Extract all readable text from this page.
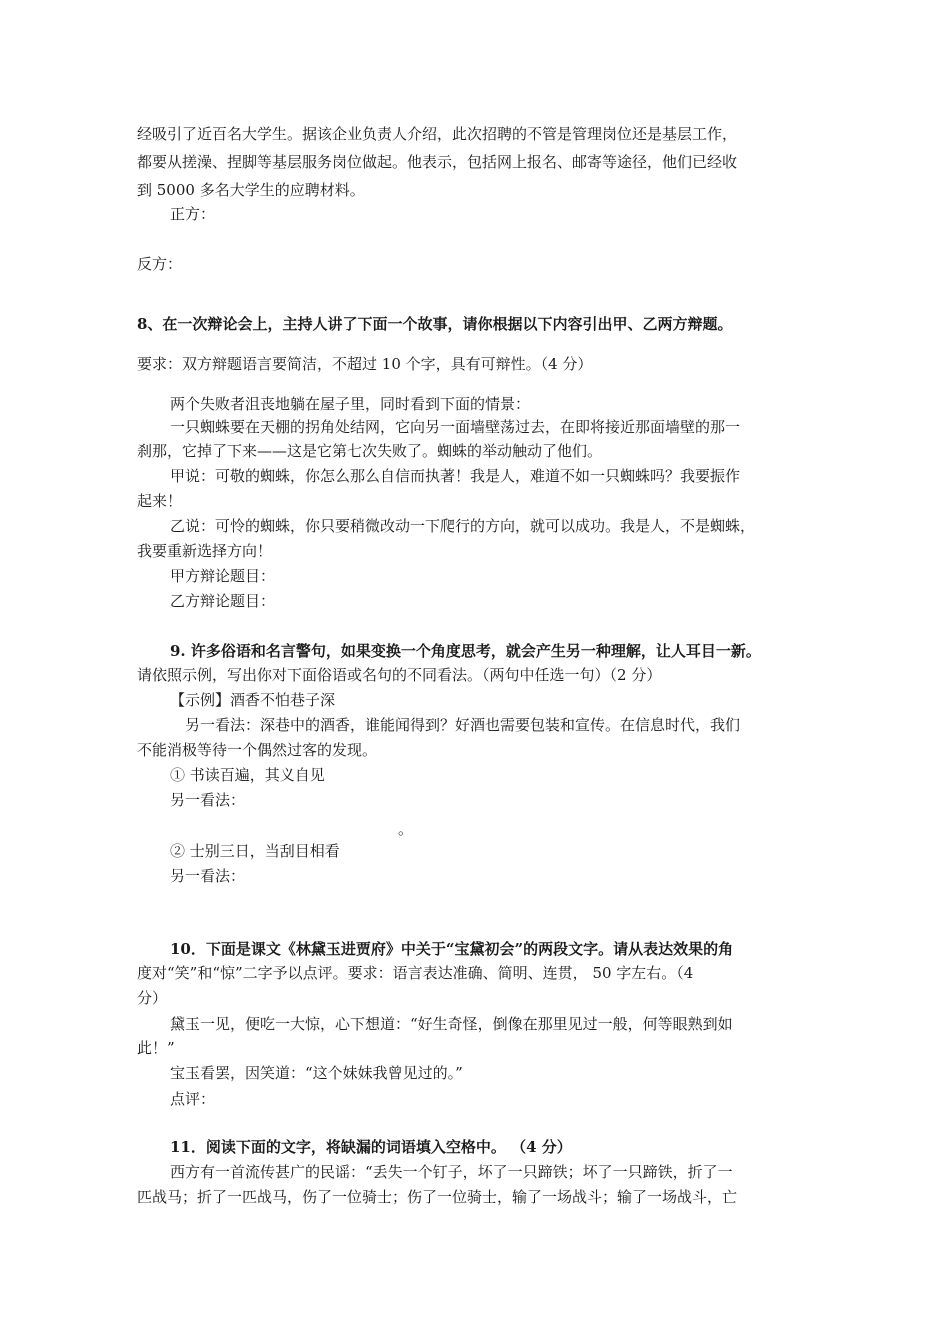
经吸引了近百名大学生。据该企业负责人介绍，此次招聘的不管是管理岗位还是基层工作，
都要从搓澡、捏脚等基层服务岗位做起。他表示，包括网上报名、邮寄等途径，他们已经收
到 5000 多名大学生的应聘材料。
正方：
反方：
8、在一次辩论会上，主持人讲了下面一个故事，请你根据以下内容引出甲、乙两方辩题。
要求：双方辩题语言要简洁，不超过 10 个字，具有可辩性。（4 分）
两个失败者沮丧地躺在屋子里，同时看到下面的情景：
一只蜘蛛要在天棚的拐角处结网，它向另一面墙壁荡过去，在即将接近那面墙壁的那一
刹那，它掉了下来——这是它第七次失败了。蜘蛛的举动触动了他们。
甲说：可敬的蜘蛛，你怎么那么自信而执著！我是人，难道不如一只蜘蛛吗？我要振作
起来！
乙说：可怜的蜘蛛，你只要稍微改动一下爬行的方向，就可以成功。我是人，不是蜘蛛，
我要重新选择方向！
甲方辩论题目：
乙方辩论题目：
9. 许多俗语和名言警句，如果变换一个角度思考，就会产生另一种理解，让人耳目一新。
请依照示例，写出你对下面俗语或名句的不同看法。（两句中任选一句）（2 分）
【示例】酒香不怕巷子深
另一看法：深巷中的酒香，谁能闻得到？好酒也需要包装和宣传。在信息时代，我们
不能消极等待一个偶然过客的发现。
① 书读百遍，其义自见
另一看法：
。
② 士别三日，当刮目相看
另一看法：
10．下面是课文《林黛玉进贾府》中关于“宝黛初会”的两段文字。请从表达效果的角
度对“笑”和“惊”二字予以点评。要求：语言表达准确、简明、连贯， 50 字左右。（4
分）
黛玉一见，便吃一大惊，心下想道：“好生奇怪，倒像在那里见过一般，何等眼熟到如
此！”
宝玉看罢，因笑道：“这个妹妹我曾见过的。”
点评：
11．阅读下面的文字，将缺漏的词语填入空格中。 （4 分）
西方有一首流传甚广的民谣：“丢失一个钉子，坏了一只蹄铁；坏了一只蹄铁，折了一
匹战马；折了一匹战马，伤了一位骑士；伤了一位骑士，输了一场战斗；输了一场战斗，亡
